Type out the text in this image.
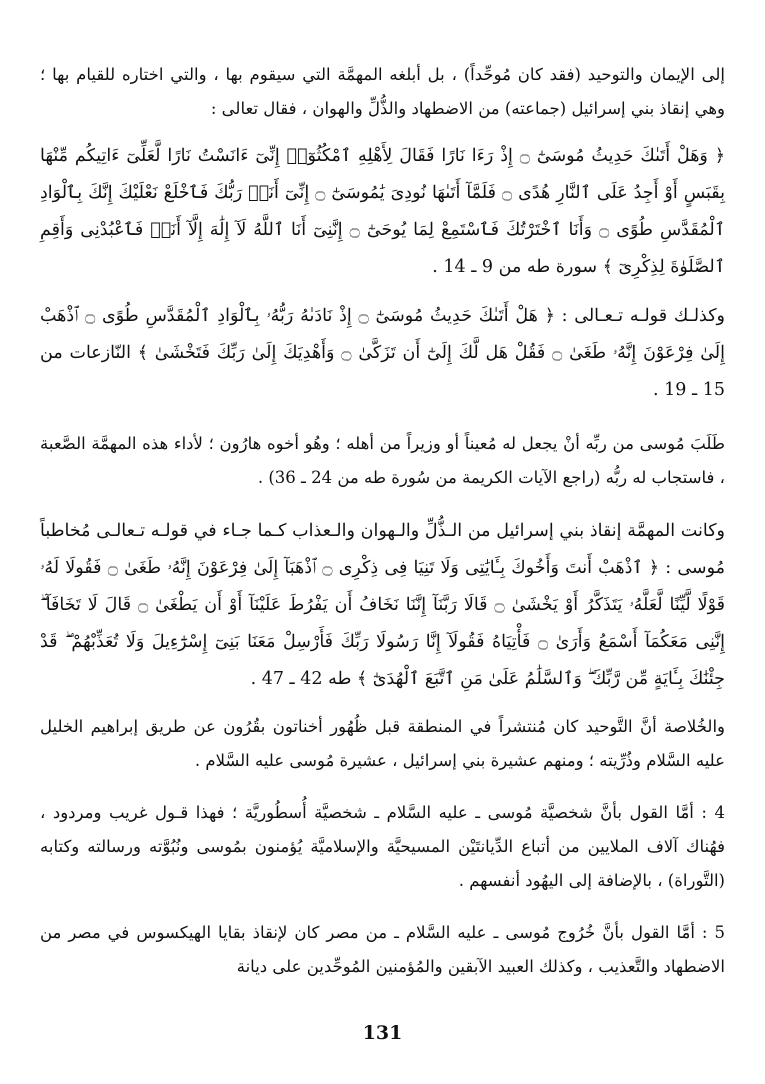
إلى الإيمان والتوحيد (فقد كان مُوحِّداً) ، بل أبلغه المهمَّة التي سيقوم بها ، والتي اختاره للقيام بها ؛ وهي إنقاذ بني إسرائيل (جماعته) من الاضطهاد والذُّلِّ والهوان ، فقال تعالى :

﴿ وَهَلْ أَتَىٰكَ حَدِيثُ مُوسَىٰٓ ۝ إِذْ رَءَا نَارًا فَقَالَ لِأَهْلِهِ ٱمْكُثُوٓا۟ إِنِّىٓ ءَانَسْتُ نَارًا لَّعَلِّىٓ ءَاتِيكُم مِّنْهَا بِقَبَسٍ أَوْ أَجِدُ عَلَى ٱلنَّارِ هُدًى ۝ فَلَمَّآ أَتَىٰهَا نُودِىَ يَٰمُوسَىٰٓ ۝ إِنِّىٓ أَنَا۠ رَبُّكَ فَٱخْلَعْ نَعْلَيْكَ إِنَّكَ بِٱلْوَادِ ٱلْمُقَدَّسِ طُوًى ۝ وَأَنَا ٱخْتَرْتُكَ فَٱسْتَمِعْ لِمَا يُوحَىٰٓ ۝ إِنَّنِىٓ أَنَا ٱللَّهُ لَآ إِلَٰهَ إِلَّآ أَنَا۠ فَٱعْبُدْنِى وَأَقِمِ ٱلصَّلَوٰةَ لِذِكْرِىٓ ﴾ سورة طه من 9 ـ 14 .

وكذلـك قولـه تـعـالى : ﴿ هَلْ أَتَىٰكَ حَدِيثُ مُوسَىٰٓ ۝ إِذْ نَادَىٰهُ رَبُّهُۥ بِٱلْوَادِ ٱلْمُقَدَّسِ طُوًى ۝ ٱذْهَبْ إِلَىٰ فِرْعَوْنَ إِنَّهُۥ طَغَىٰ ۝ فَقُلْ هَل لَّكَ إِلَىٰٓ أَن تَزَكَّىٰ ۝ وَأَهْدِيَكَ إِلَىٰ رَبِّكَ فَتَخْشَىٰ ﴾ النّازعات من 15 ـ 19 .

طَلَبَ مُوسى من ربِّه أنْ يجعل له مُعيناً أو وزيراً من أهله ؛ وهُو أخوه هارُون ؛ لأداء هذه المهمَّة الصَّعبة ، فاستجاب له ربُّه (راجع الآيات الكريمة من سُورة طه من 24 ـ 36) .

وكانت المهمَّة إنقاذ بني إسرائيل من الـذُّلِّ والـهوان والـعذاب كـما جـاء في قولـه تـعالـى مُخاطباً مُوسى : ﴿ ٱذْهَبْ أَنتَ وَأَخُوكَ بِـَٔايَٰتِى وَلَا تَنِيَا فِى ذِكْرِى ۝ ٱذْهَبَآ إِلَىٰ فِرْعَوْنَ إِنَّهُۥ طَغَىٰ ۝ فَقُولَا لَهُۥ قَوْلًا لَّيِّنًا لَّعَلَّهُۥ يَتَذَكَّرُ أَوْ يَخْشَىٰ ۝ قَالَا رَبَّنَآ إِنَّنَا نَخَافُ أَن يَفْرُطَ عَلَيْنَآ أَوْ أَن يَطْغَىٰ ۝ قَالَ لَا تَخَافَآ ۖ إِنَّنِى مَعَكُمَآ أَسْمَعُ وَأَرَىٰ ۝ فَأْتِيَاهُ فَقُولَآ إِنَّا رَسُولَا رَبِّكَ فَأَرْسِلْ مَعَنَا بَنِىٓ إِسْرَٰٓءِيلَ وَلَا تُعَذِّبْهُمْ ۖ قَدْ جِئْنَٰكَ بِـَٔايَةٍ مِّن رَّبِّكَ ۖ وَٱلسَّلَٰمُ عَلَىٰ مَنِ ٱتَّبَعَ ٱلْهُدَىٰٓ ﴾ طه 42 ـ 47 .

والخُلاصة أنَّ التَّوحيد كان مُنتشراً في المنطقة قبل ظُهُور أخناتون بقُرُون عن طريق إبراهيم الخليل عليه السَّلام وذُرِّيته ؛ ومنهم عشيرة بني إسرائيل ، عشيرة مُوسى عليه السَّلام .

4 : أمَّا القول بأنَّ شخصيَّة مُوسى ـ عليه السَّلام ـ شخصيَّة أُسطُوريَّة ؛ فهذا قـول غريب ومردود ، فهُناك آلاف الملايين من أتباع الدِّيانتَيْن المسيحيَّة والإسلاميَّة يُؤمنون بمُوسى ونُبُوَّته ورسالته وكتابه (التَّوراة) ، بالإضافة إلى اليهُود أنفسهم .

5 : أمَّا القول بأنَّ خُرُوج مُوسى ـ عليه السَّلام ـ من مصر كان لإنقاذ بقايا الهيكسوس في مصر من الاضطهاد والتَّعذيب ، وكذلك العبيد الآبقين والمُؤمنين المُوحِّدين على ديانة

131
